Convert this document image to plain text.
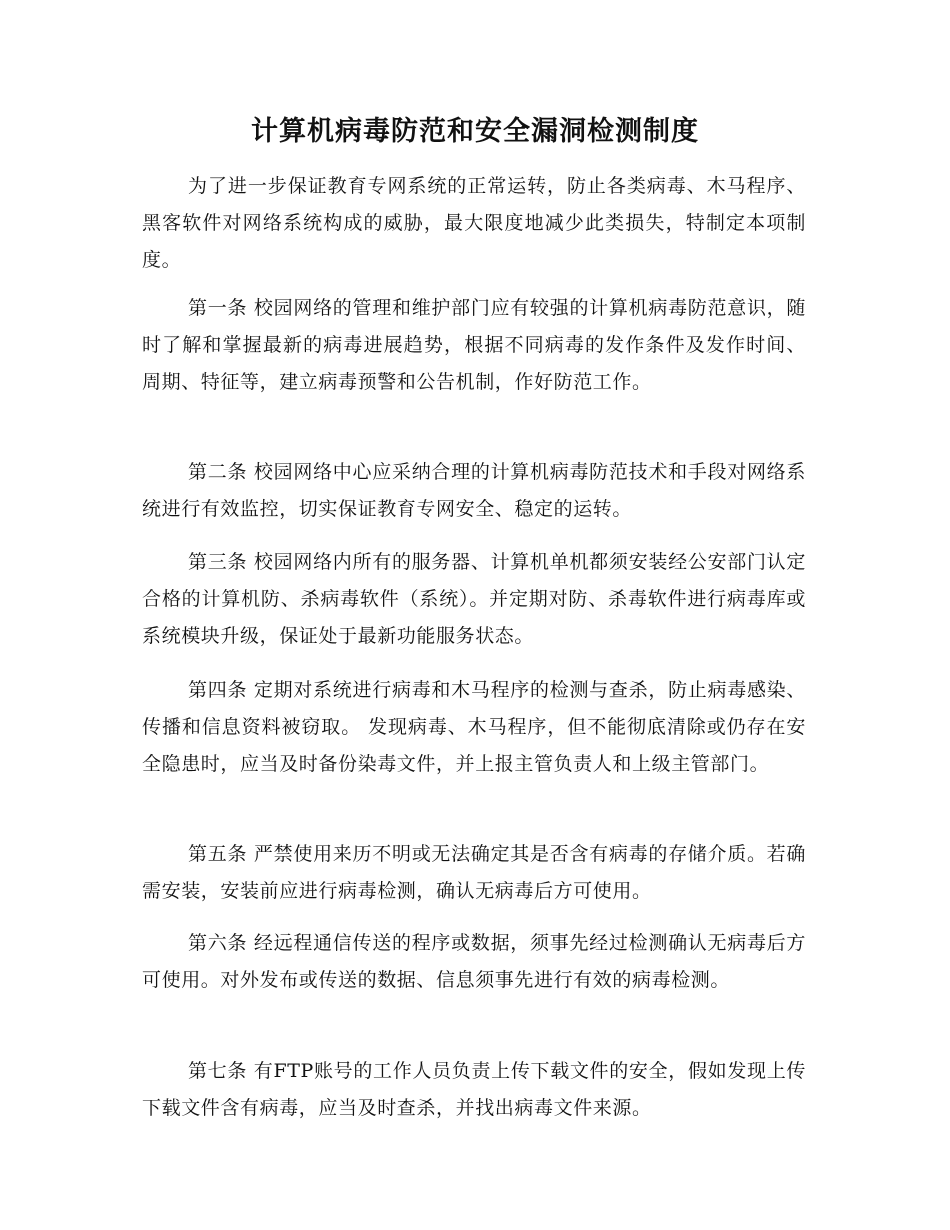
计算机病毒防范和安全漏洞检测制度

为了进一步保证教育专网系统的正常运转，防止各类病毒、木马程序、黑客软件对网络系统构成的威胁，最大限度地减少此类损失，特制定本项制度。

第一条 校园网络的管理和维护部门应有较强的计算机病毒防范意识，随时了解和掌握最新的病毒进展趋势，根据不同病毒的发作条件及发作时间、周期、特征等，建立病毒预警和公告机制，作好防范工作。

第二条 校园网络中心应采纳合理的计算机病毒防范技术和手段对网络系统进行有效监控，切实保证教育专网安全、稳定的运转。

第三条 校园网络内所有的服务器、计算机单机都须安装经公安部门认定合格的计算机防、杀病毒软件（系统）。并定期对防、杀毒软件进行病毒库或系统模块升级，保证处于最新功能服务状态。

第四条 定期对系统进行病毒和木马程序的检测与查杀，防止病毒感染、传播和信息资料被窃取。 发现病毒、木马程序，但不能彻底清除或仍存在安全隐患时，应当及时备份染毒文件，并上报主管负责人和上级主管部门。

第五条 严禁使用来历不明或无法确定其是否含有病毒的存储介质。若确需安装，安装前应进行病毒检测，确认无病毒后方可使用。

第六条 经远程通信传送的程序或数据，须事先经过检测确认无病毒后方可使用。对外发布或传送的数据、信息须事先进行有效的病毒检测。

第七条 有FTP账号的工作人员负责上传下载文件的安全，假如发现上传下载文件含有病毒，应当及时查杀，并找出病毒文件来源。
